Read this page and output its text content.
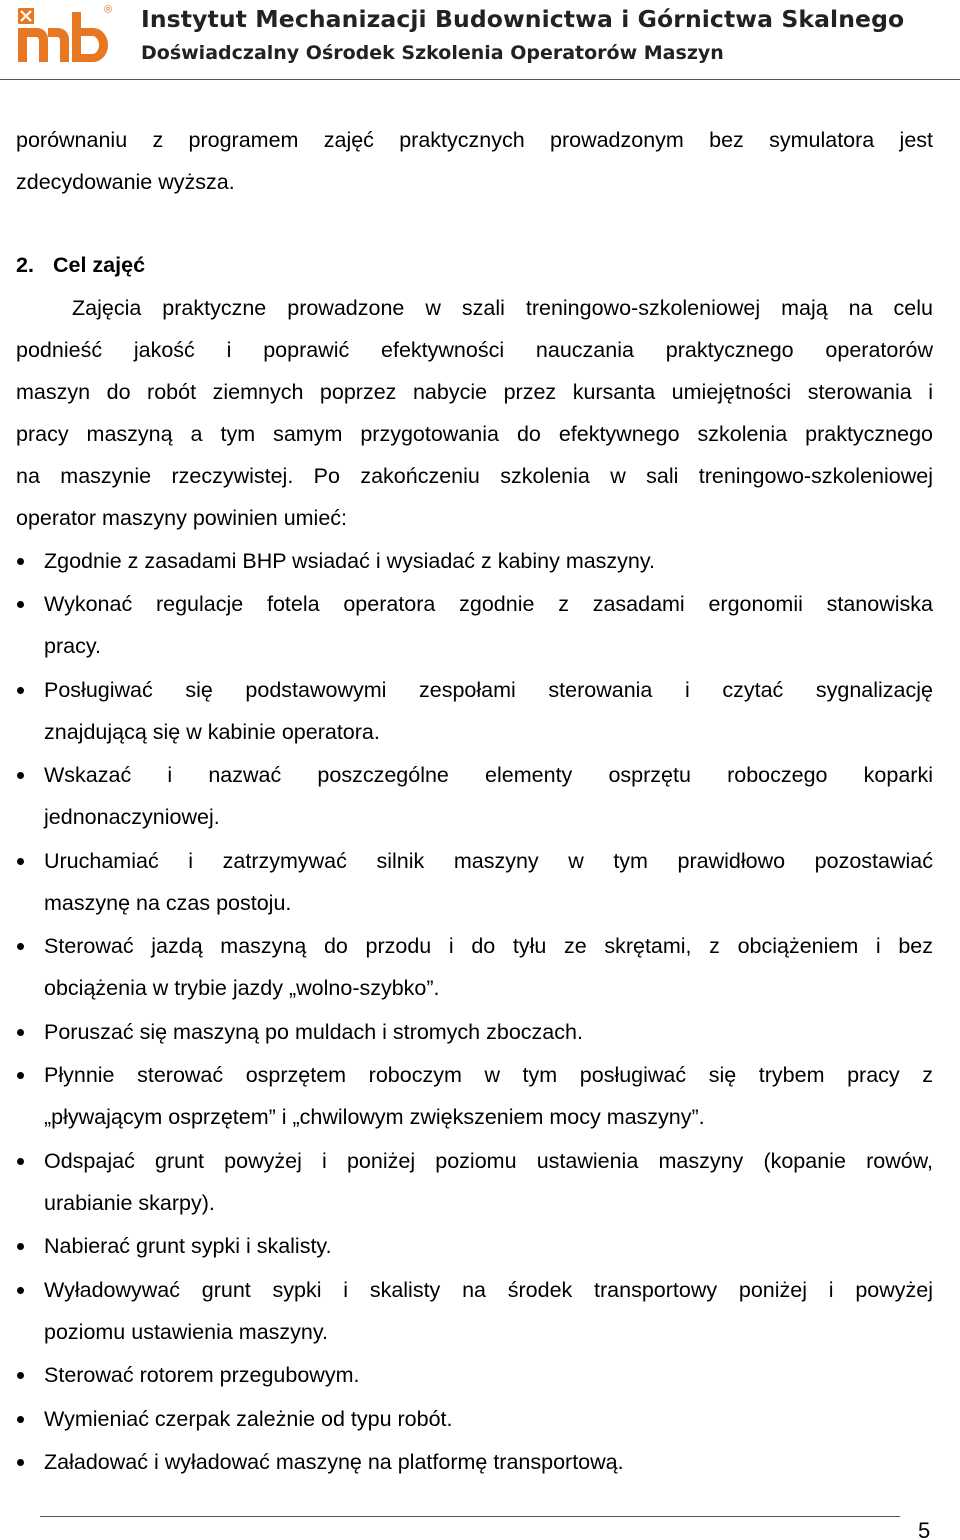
® Instytut Mechanizacji Budownictwa i Górnictwa Skalnego
Doświadczalny Ośrodek Szkolenia Operatorów Maszyn
porównaniu z programem zajęć praktycznych prowadzonym bez symulatora jest
zdecydowanie wyższa.
2. Cel zajęć
Zajęcia praktyczne prowadzone w szali treningowo-szkoleniowej mają na celu
podnieść jakość i poprawić efektywności nauczania praktycznego operatorów
maszyn do robót ziemnych poprzez nabycie przez kursanta umiejętności sterowania i
pracy maszyną a tym samym przygotowania do efektywnego szkolenia praktycznego
na maszynie rzeczywistej. Po zakończeniu szkolenia w sali treningowo-szkoleniowej
operator maszyny powinien umieć:
Zgodnie z zasadami BHP wsiadać i wysiadać z kabiny maszyny.
Wykonać regulacje fotela operatora zgodnie z zasadami ergonomii stanowiska
pracy.
Posługiwać się podstawowymi zespołami sterowania i czytać sygnalizację
znajdującą się w kabinie operatora.
Wskazać i nazwać poszczególne elementy osprzętu roboczego koparki
jednonaczyniowej.
Uruchamiać i zatrzymywać silnik maszyny w tym prawidłowo pozostawiać
maszynę na czas postoju.
Sterować jazdą maszyną do przodu i do tyłu ze skrętami, z obciążeniem i bez
obciążenia w trybie jazdy „wolno-szybko”.
Poruszać się maszyną po muldach i stromych zboczach.
Płynnie sterować osprzętem roboczym w tym posługiwać się trybem pracy z
„pływającym osprzętem” i „chwilowym zwiększeniem mocy maszyny”.
Odspajać grunt powyżej i poniżej poziomu ustawienia maszyny (kopanie rowów,
urabianie skarpy).
Nabierać grunt sypki i skalisty.
Wyładowywać grunt sypki i skalisty na środek transportowy poniżej i powyżej
poziomu ustawienia maszyny.
Sterować rotorem przegubowym.
Wymieniać czerpak zależnie od typu robót.
Załadować i wyładować maszynę na platformę transportową.
5
